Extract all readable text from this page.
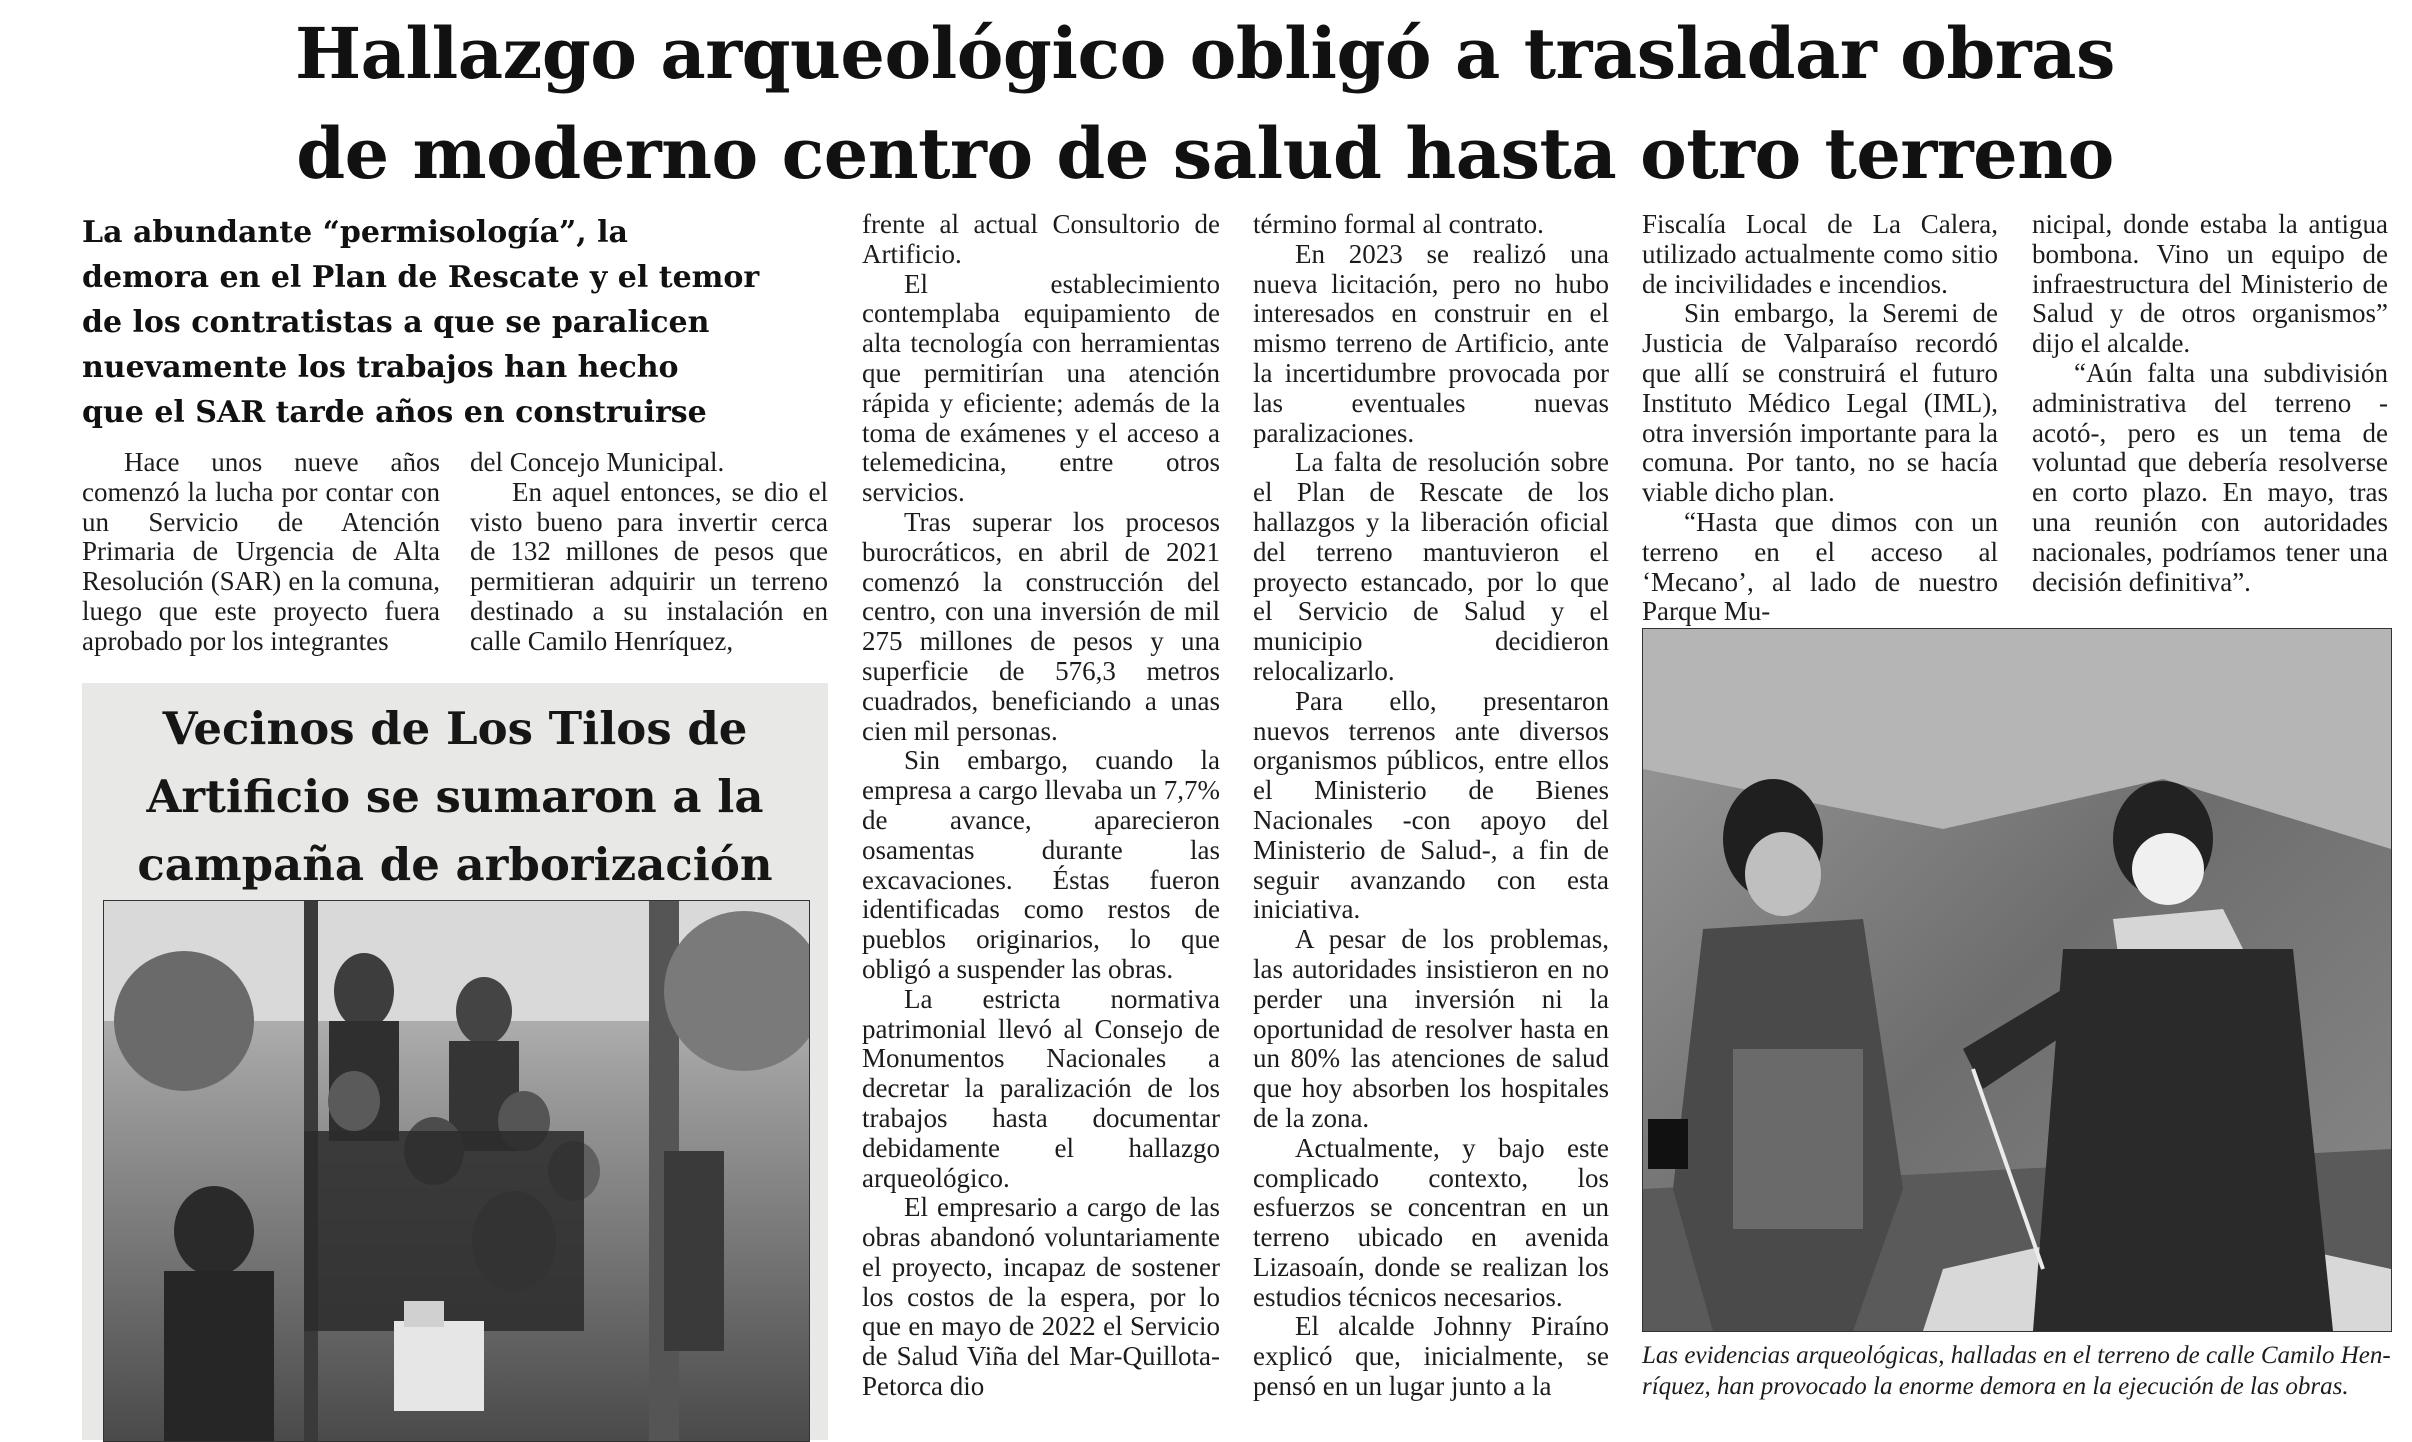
Hallazgo arqueológico obligó a trasladar obras
de moderno centro de salud hasta otro terreno
La abundante “permisología”, la
demora en el Plan de Rescate y el temor
de los contratistas a que se paralicen
nuevamente los trabajos han hecho
que el SAR tarde años en construirse

Hace unos nueve años comenzó la lucha por contar con un Servicio de Atención Primaria de Urgencia de Alta Resolución (SAR) en la comuna, luego que este proyecto fuera aprobado por los integrantes

del Concejo Municipal.

En aquel entonces, se dio el visto bueno para invertir cerca de 132 millones de pesos que permitieran adquirir un terreno destinado a su instalación en calle Camilo Henríquez,

frente al actual Consultorio de Artificio.

El establecimiento contemplaba equipamiento de alta tecnología con herramientas que permitirían una atención rápida y eficiente; además de la toma de exámenes y el acceso a telemedicina, entre otros servicios.

Tras superar los procesos burocráticos, en abril de 2021 comenzó la construcción del centro, con una inversión de mil 275 millones de pesos y una superficie de 576,3 metros cuadrados, beneficiando a unas cien mil personas.

Sin embargo, cuando la empresa a cargo llevaba un 7,7% de avance, aparecieron osamentas durante las excavaciones. Éstas fueron identificadas como restos de pueblos originarios, lo que obligó a suspender las obras.

La estricta normativa patrimonial llevó al Consejo de Monumentos Nacionales a decretar la paralización de los trabajos hasta documentar debidamente el hallazgo arqueológico.

El empresario a cargo de las obras abandonó voluntariamente el proyecto, incapaz de sostener los costos de la espera, por lo que en mayo de 2022 el Servicio de Salud Viña del Mar-Quillota-Petorca dio

término formal al contrato.

En 2023 se realizó una nueva licitación, pero no hubo interesados en construir en el mismo terreno de Artificio, ante la incertidumbre provocada por las eventuales nuevas paralizaciones.

La falta de resolución sobre el Plan de Rescate de los hallazgos y la liberación oficial del terreno mantuvieron el proyecto estancado, por lo que el Servicio de Salud y el municipio decidieron relocalizarlo.

Para ello, presentaron nuevos terrenos ante diversos organismos públicos, entre ellos el Ministerio de Bienes Nacionales -con apoyo del Ministerio de Salud-, a fin de seguir avanzando con esta iniciativa.

A pesar de los problemas, las autoridades insistieron en no perder una inversión ni la oportunidad de resolver hasta en un 80% las atenciones de salud que hoy absorben los hospitales de la zona.

Actualmente, y bajo este complicado contexto, los esfuerzos se concentran en un terreno ubicado en avenida Lizasoaín, donde se realizan los estudios técnicos necesarios.

El alcalde Johnny Piraíno explicó que, inicialmente, se pensó en un lugar junto a la

Fiscalía Local de La Calera, utilizado actualmente como sitio de incivilidades e incendios.

Sin embargo, la Seremi de Justicia de Valparaíso recordó que allí se construirá el futuro Instituto Médico Legal (IML), otra inversión importante para la comuna. Por tanto, no se hacía viable dicho plan.

“Hasta que dimos con un terreno en el acceso al ‘Mecano’, al lado de nuestro Parque Mu-

nicipal, donde estaba la antigua bombona. Vino un equipo de infraestructura del Ministerio de Salud y de otros organismos” dijo el alcalde.

“Aún falta una subdivisión administrativa del terreno -acotó-, pero es un tema de voluntad que debería resolverse en corto plazo. En mayo, tras una reunión con autoridades nacionales, podríamos tener una decisión definitiva”.

Vecinos de Los Tilos de
Artificio se sumaron a la
campaña de arborización

Las evidencias arqueológicas, halladas en el terreno de calle Camilo Hen-
ríquez, han provocado la enorme demora en la ejecución de las obras.
